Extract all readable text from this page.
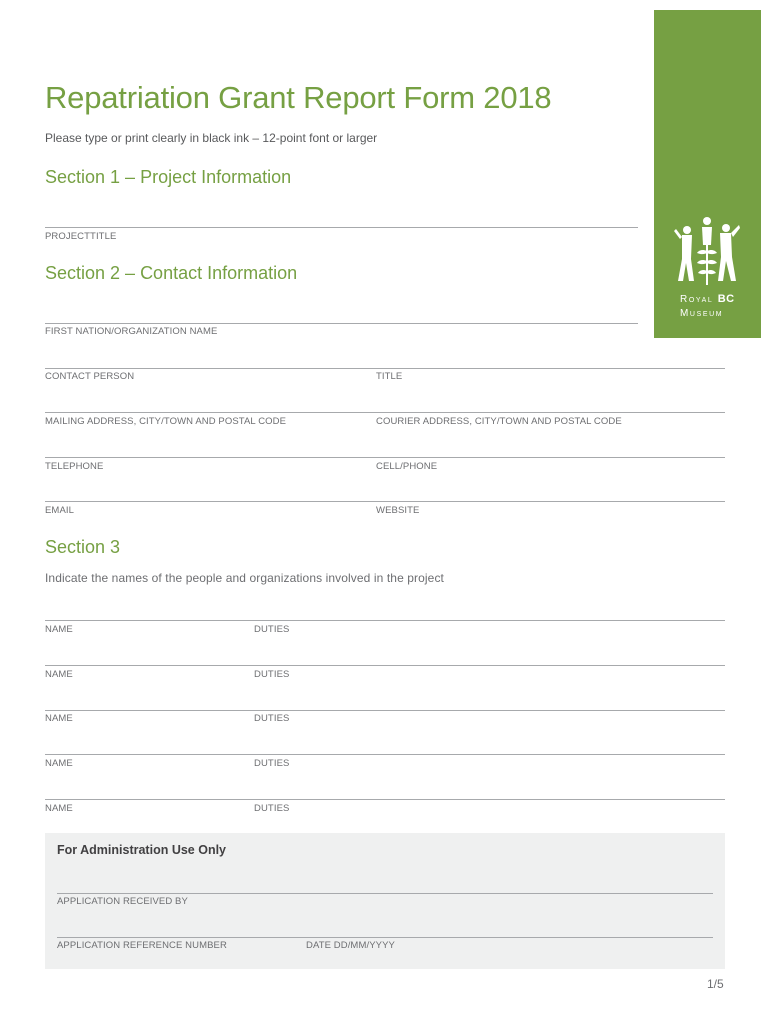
Repatriation Grant Report Form 2018
Please type or print clearly in black ink – 12-point font or larger
Royal BC
Museum
Section 1 – Project Information
PROJECTTITLE
Section 2 – Contact Information
FIRST NATION/ORGANIZATION NAME
CONTACT PERSON	TITLE
MAILING ADDRESS, CITY/TOWN AND POSTAL CODE	COURIER ADDRESS, CITY/TOWN AND POSTAL CODE
TELEPHONE	CELL/PHONE
EMAIL	WEBSITE
Section 3
Indicate the names of the people and organizations involved in the project
NAME	DUTIES
NAME	DUTIES
NAME	DUTIES
NAME	DUTIES
NAME	DUTIES
For Administration Use Only
APPLICATION RECEIVED BY
APPLICATION REFERENCE NUMBER	DATE DD/MM/YYYY
1/5
